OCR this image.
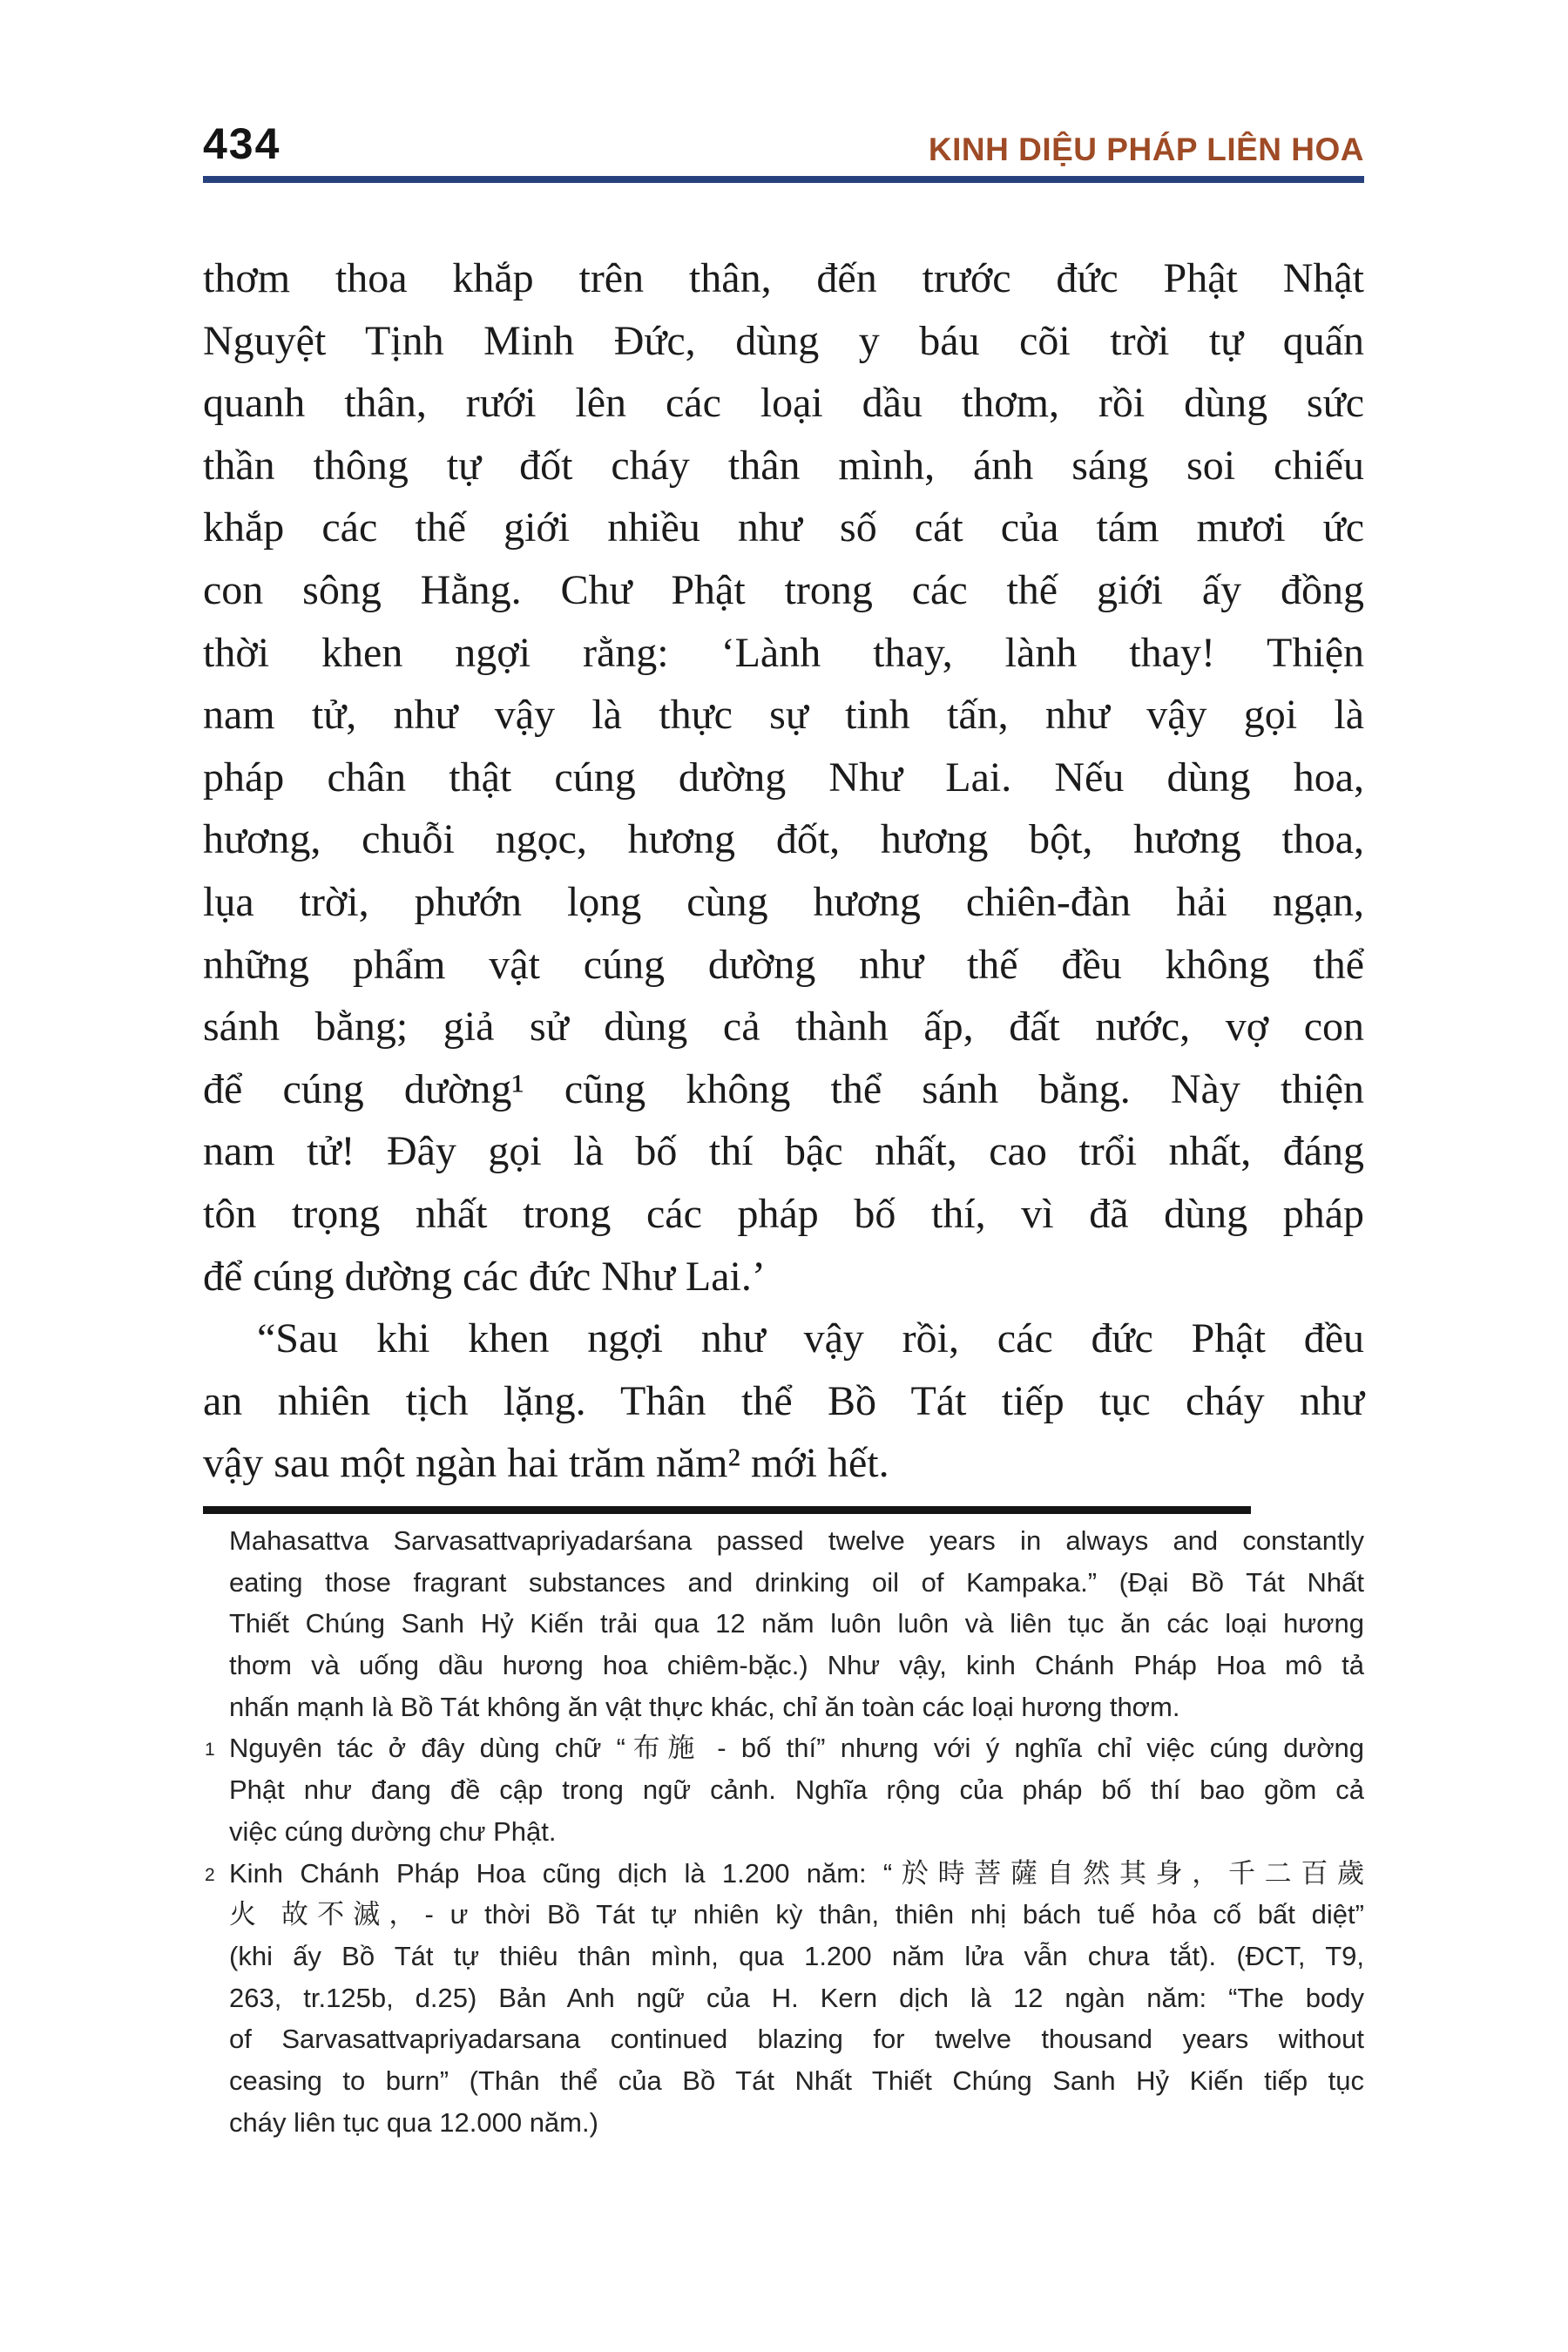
434	KINH DIỆU PHÁP LIÊN HOA
thơm thoa khắp trên thân, đến trước đức Phật Nhật
Nguyệt Tịnh Minh Đức, dùng y báu cõi trời tự quấn
quanh thân, rưới lên các loại dầu thơm, rồi dùng sức
thần thông tự đốt cháy thân mình, ánh sáng soi chiếu
khắp các thế giới nhiều như số cát của tám mươi ức
con sông Hằng. Chư Phật trong các thế giới ấy đồng
thời khen ngợi rằng: ‘Lành thay, lành thay! Thiện
nam tử, như vậy là thực sự tinh tấn, như vậy gọi là
pháp chân thật cúng dường Như Lai. Nếu dùng hoa,
hương, chuỗi ngọc, hương đốt, hương bột, hương thoa,
lụa trời, phướn lọng cùng hương chiên-đàn hải ngạn,
những phẩm vật cúng dường như thế đều không thể
sánh bằng; giả sử dùng cả thành ấp, đất nước, vợ con
để cúng dường¹ cũng không thể sánh bằng. Này thiện
nam tử! Đây gọi là bố thí bậc nhất, cao trổi nhất, đáng
tôn trọng nhất trong các pháp bố thí, vì đã dùng pháp
để cúng dường các đức Như Lai.’
“Sau khi khen ngợi như vậy rồi, các đức Phật đều
an nhiên tịch lặng. Thân thể Bồ Tát tiếp tục cháy như
vậy sau một ngàn hai trăm năm² mới hết.
Mahasattva Sarvasattvapriyadarśana passed twelve years in always and constantly
eating those fragrant substances and drinking oil of Kampaka.” (Đại Bồ Tát Nhất
Thiết Chúng Sanh Hỷ Kiến trải qua 12 năm luôn luôn và liên tục ăn các loại hương
thơm và uống dầu hương hoa chiêm-bặc.) Như vậy, kinh Chánh Pháp Hoa mô tả
nhấn mạnh là Bồ Tát không ăn vật thực khác, chỉ ăn toàn các loại hương thơm.
1 Nguyên tác ở đây dùng chữ “布施 - bố thí” nhưng với ý nghĩa chỉ việc cúng dường
Phật như đang đề cập trong ngữ cảnh. Nghĩa rộng của pháp bố thí bao gồm cả
việc cúng dường chư Phật.
2 Kinh Chánh Pháp Hoa cũng dịch là 1.200 năm: “於時菩薩自然其身，千二百歲
火 故不滅，- ư thời Bồ Tát tự nhiên kỳ thân, thiên nhị bách tuế hỏa cố bất diệt”
(khi ấy Bồ Tát tự thiêu thân mình, qua 1.200 năm lửa vẫn chưa tắt). (ĐCT, T9,
263, tr.125b, d.25) Bản Anh ngữ của H. Kern dịch là 12 ngàn năm: “The body
of Sarvasattvapriyadarsana continued blazing for twelve thousand years without
ceasing to burn” (Thân thể của Bồ Tát Nhất Thiết Chúng Sanh Hỷ Kiến tiếp tục
cháy liên tục qua 12.000 năm.)
